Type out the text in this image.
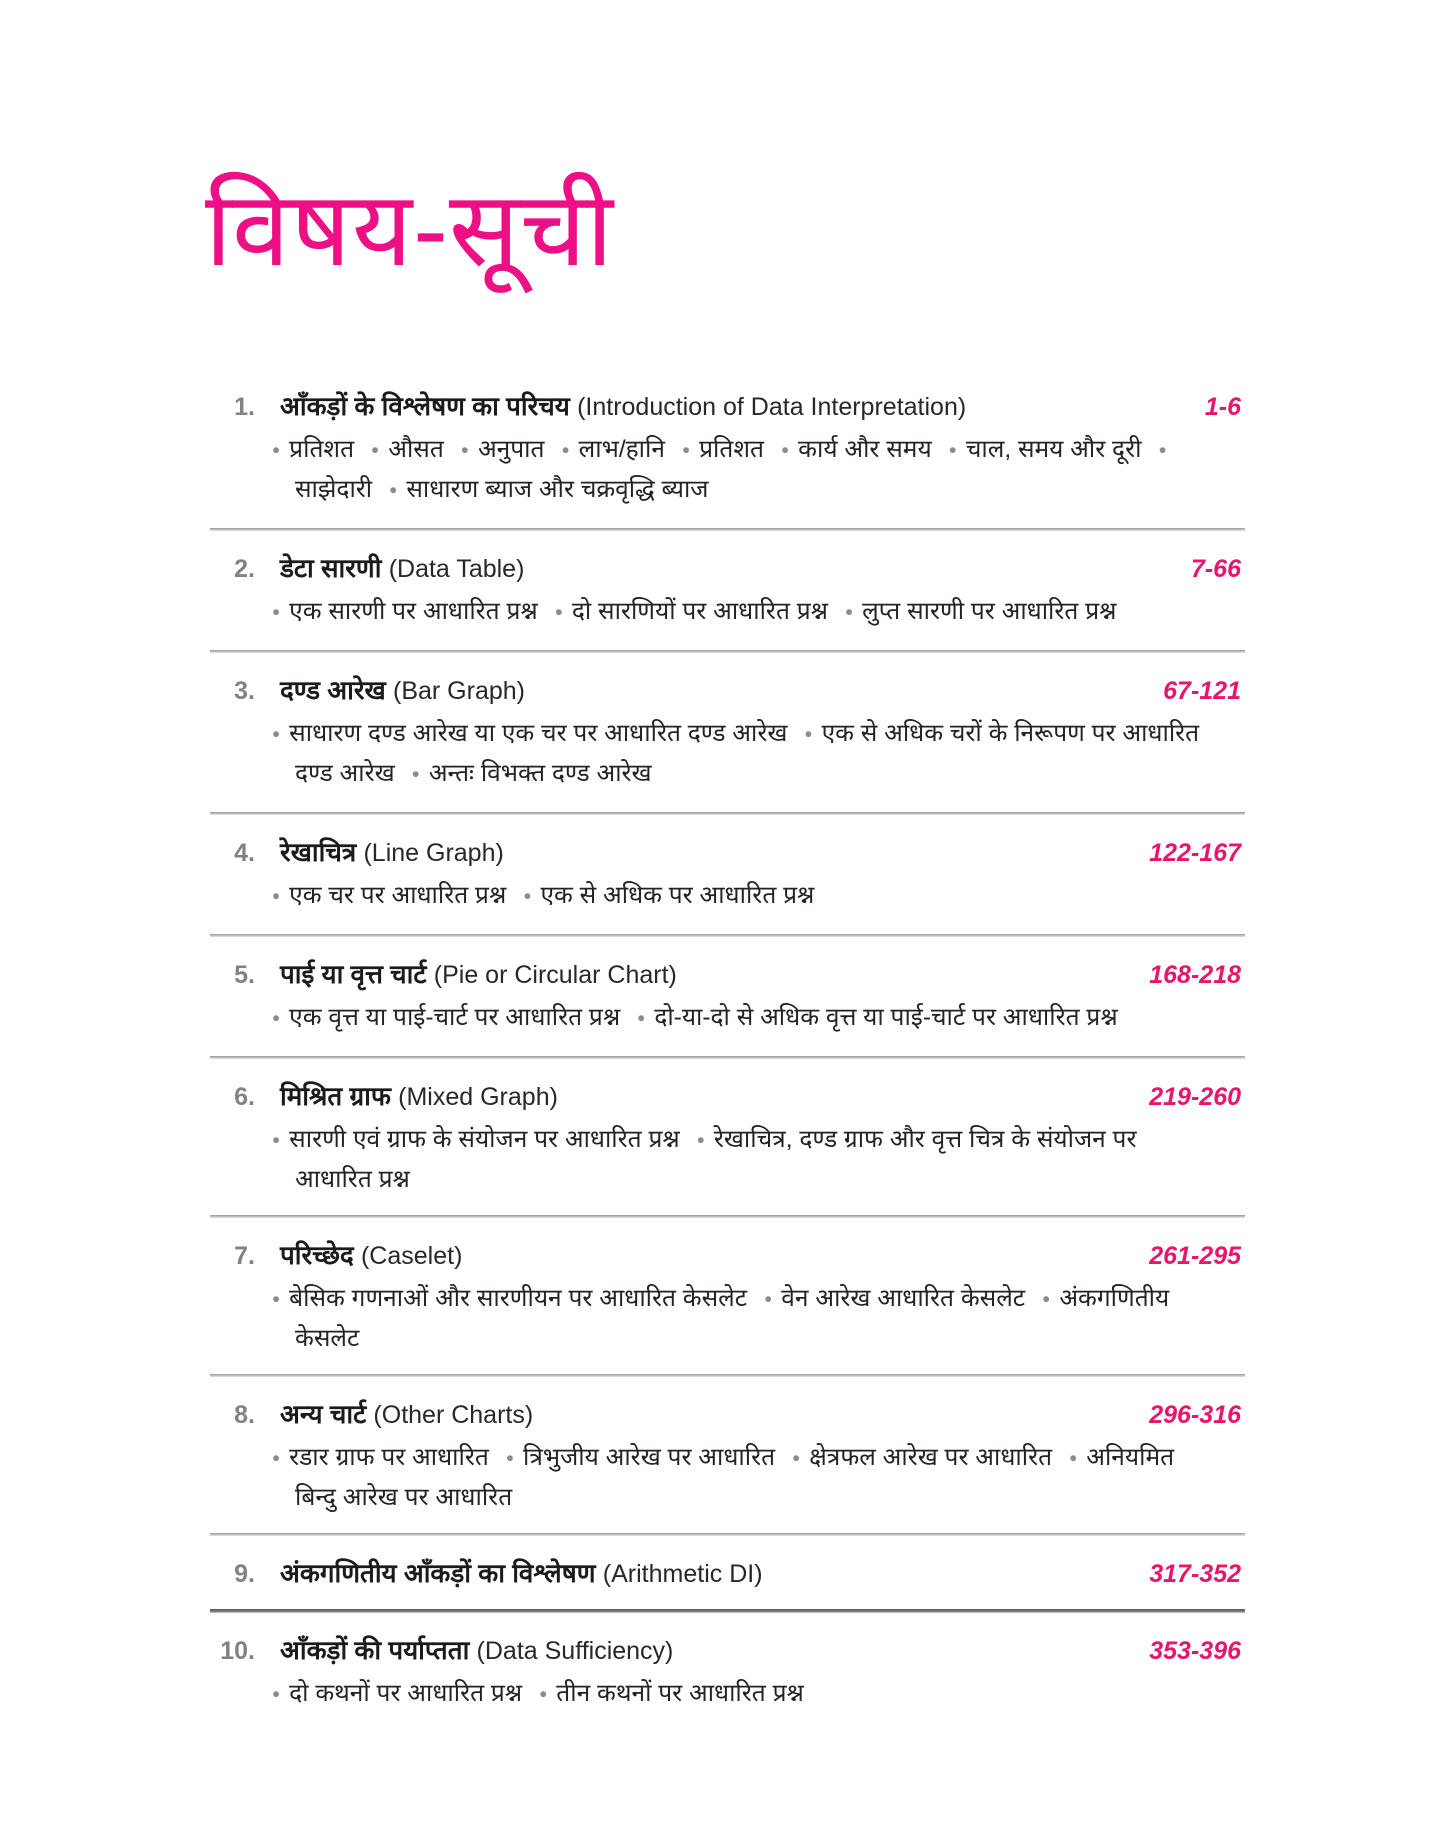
विषय-सूची
1. आँकड़ों के विश्लेषण का परिचय (Introduction of Data Interpretation)	1-6
● प्रतिशत ● औसत ● अनुपात ● लाभ/हानि ● प्रतिशत ● कार्य और समय ● चाल, समय और दूरी ●साझेदारी ● साधारण ब्याज और चक्रवृद्धि ब्याज
2. डेटा सारणी (Data Table)	7-66
● एक सारणी पर आधारित प्रश्न ● दो सारणियों पर आधारित प्रश्न ● लुप्त सारणी पर आधारित प्रश्न
3. दण्ड आरेख (Bar Graph)	67-121
● साधारण दण्ड आरेख या एक चर पर आधारित दण्ड आरेख ● एक से अधिक चरों के निरूपण पर आधारित दण्ड आरेख ● अन्तः विभक्त दण्ड आरेख
4. रेखाचित्र (Line Graph)	122-167
● एक चर पर आधारित प्रश्न ● एक से अधिक पर आधारित प्रश्न
5. पाई या वृत्त चार्ट (Pie or Circular Chart)	168-218
● एक वृत्त या पाई-चार्ट पर आधारित प्रश्न ● दो-या-दो से अधिक वृत्त या पाई-चार्ट पर आधारित प्रश्न
6. मिश्रित ग्राफ (Mixed Graph)	219-260
● सारणी एवं ग्राफ के संयोजन पर आधारित प्रश्न ● रेखाचित्र, दण्ड ग्राफ और वृत्त चित्र के संयोजन पर आधारित प्रश्न
7. परिच्छेद (Caselet)	261-295
● बेसिक गणनाओं और सारणीयन पर आधारित केसलेट ● वेन आरेख आधारित केसलेट ● अंकगणितीय केसलेट
8. अन्य चार्ट (Other Charts)	296-316
● रडार ग्राफ पर आधारित ● त्रिभुजीय आरेख पर आधारित ● क्षेत्रफल आरेख पर आधारित ● अनियमित बिन्दु आरेख पर आधारित
9. अंकगणितीय आँकड़ों का विश्लेषण (Arithmetic DI)	317-352
10. आँकड़ों की पर्याप्तता (Data Sufficiency)	353-396
● दो कथनों पर आधारित प्रश्न ● तीन कथनों पर आधारित प्रश्न
